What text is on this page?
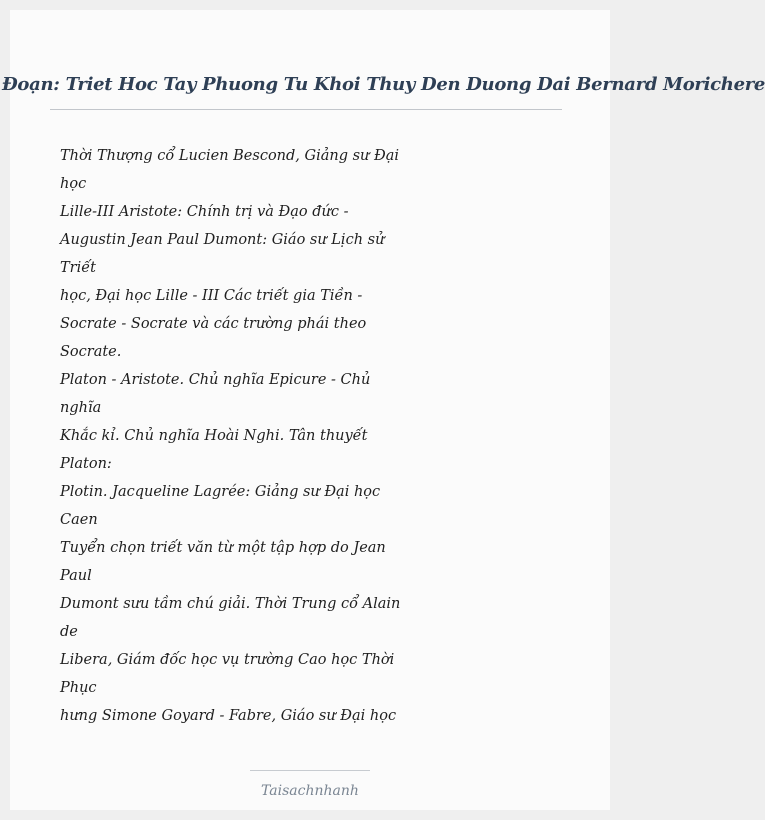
Đoạn: Triet Hoc Tay Phuong Tu Khoi Thuy Den Duong Dai Bernard Morichere
Thời Thượng cổ Lucien Bescond, Giảng sư Đại
học
Lille-III Aristote: Chính trị và Đạo đức -
Augustin Jean Paul Dumont: Giáo sư Lịch sử
Triết
học, Đại học Lille - III Các triết gia Tiền -
Socrate - Socrate và các trường phái theo
Socrate.
Platon - Aristote. Chủ nghĩa Epicure - Chủ
nghĩa
Khắc kỉ. Chủ nghĩa Hoài Nghi. Tân thuyết
Platon:
Plotin. Jacqueline Lagrée: Giảng sư Đại học
Caen
Tuyển chọn triết văn từ một tập hợp do Jean
Paul
Dumont sưu tầm chú giải. Thời Trung cổ Alain
de
Libera, Giám đốc học vụ trường Cao học Thời
Phục
hưng Simone Goyard - Fabre, Giáo sư Đại học
Taisachnhanh
